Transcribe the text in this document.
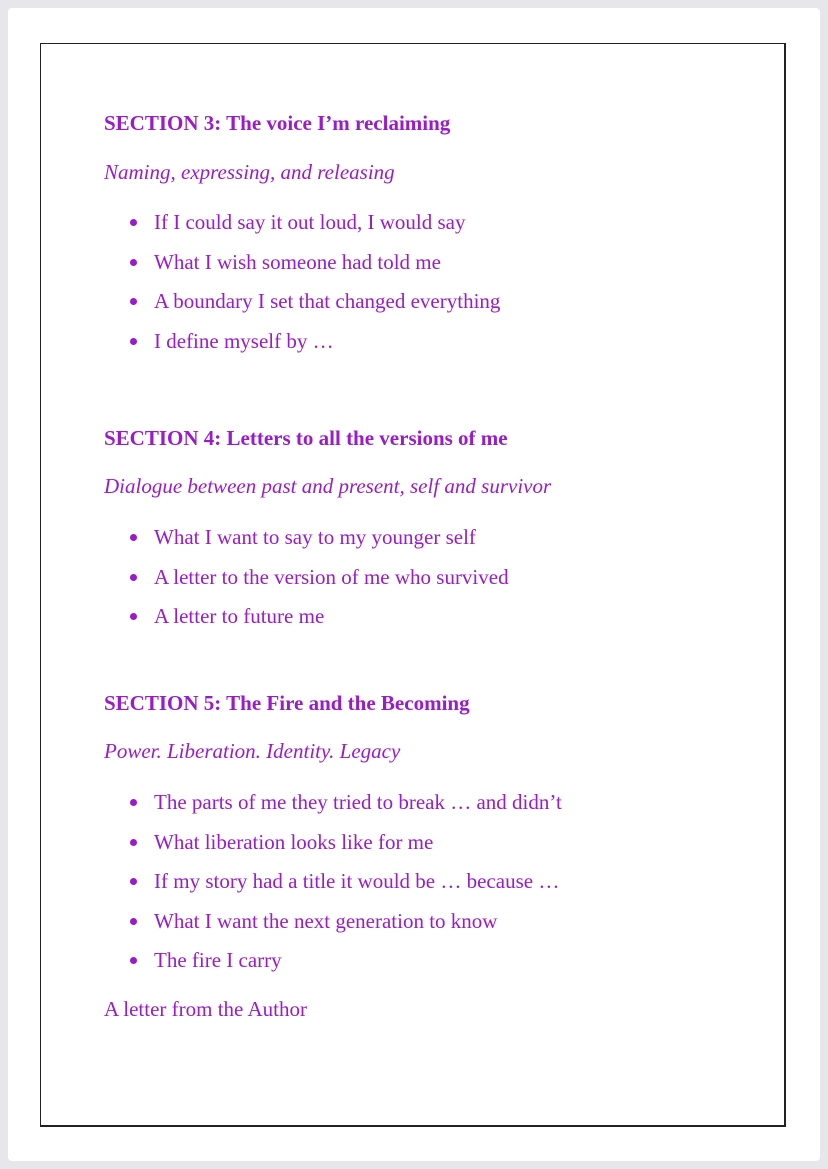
SECTION 3: The voice I’m reclaiming

Naming, expressing, and releasing

If I could say it out loud, I would say
What I wish someone had told me
A boundary I set that changed everything
I define myself by …
SECTION 4: Letters to all the versions of me

Dialogue between past and present, self and survivor

What I want to say to my younger self
A letter to the version of me who survived
A letter to future me
SECTION 5: The Fire and the Becoming

Power. Liberation. Identity. Legacy

The parts of me they tried to break … and didn’t
What liberation looks like for me
If my story had a title it would be … because …
What I want the next generation to know
The fire I carry

A letter from the Author
